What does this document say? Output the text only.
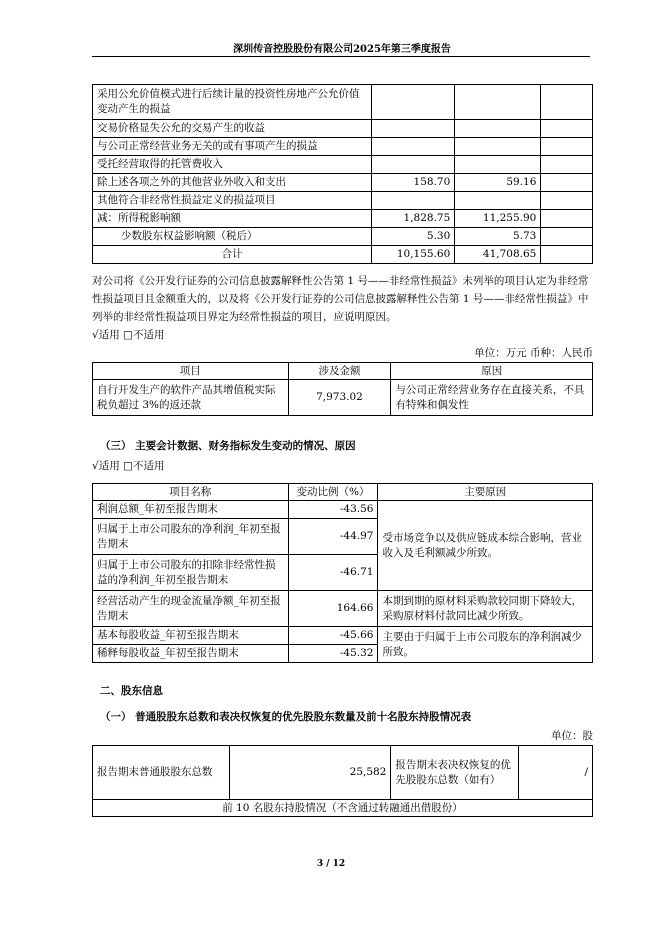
深圳传音控股股份有限公司2025年第三季度报告
采用公允价值模式进行后续计量的投资性房地产公允价值变动产生的损益			
交易价格显失公允的交易产生的收益			
与公司正常经营业务无关的或有事项产生的损益			
受托经营取得的托管费收入			
除上述各项之外的其他营业外收入和支出	158.70	59.16	
其他符合非经常性损益定义的损益项目			
减：所得税影响额	1,828.75	11,255.90	
少数股东权益影响额（税后）	5.30	5.73	
合计	10,155.60	41,708.65	
对公司将《公开发行证券的公司信息披露解释性公告第 1 号——非经常性损益》未列举的项目认定为非经常性损益项目且金额重大的，以及将《公开发行证券的公司信息披露解释性公告第 1 号——非经常性损益》中列举的非经常性损益项目界定为经常性损益的项目，应说明原因。
√适用 □不适用
单位：万元 币种：人民币
项目	涉及金额	原因
自行开发生产的软件产品其增值税实际税负超过 3%的返还款	7,973.02	与公司正常经营业务存在直接关系，不具有特殊和偶发性
（三） 主要会计数据、财务指标发生变动的情况、原因
√适用 □不适用
项目名称	变动比例（%）	主要原因
利润总额_年初至报告期末	-43.56	受市场竞争以及供应链成本综合影响，营业收入及毛利额减少所致。
归属于上市公司股东的净利润_年初至报告期末	-44.97	
归属于上市公司股东的扣除非经常性损益的净利润_年初至报告期末	-46.71	
经营活动产生的现金流量净额_年初至报告期末	164.66	本期到期的原材料采购款较同期下降较大，采购原材料付款同比减少所致。
基本每股收益_年初至报告期末	-45.66	主要由于归属于上市公司股东的净利润减少所致。
稀释每股收益_年初至报告期末	-45.32	
二、股东信息
（一） 普通股股东总数和表决权恢复的优先股股东数量及前十名股东持股情况表
单位：股
报告期末普通股股东总数	25,582	报告期末表决权恢复的优先股股东总数（如有）	/
前 10 名股东持股情况（不含通过转融通出借股份）
3 / 12
